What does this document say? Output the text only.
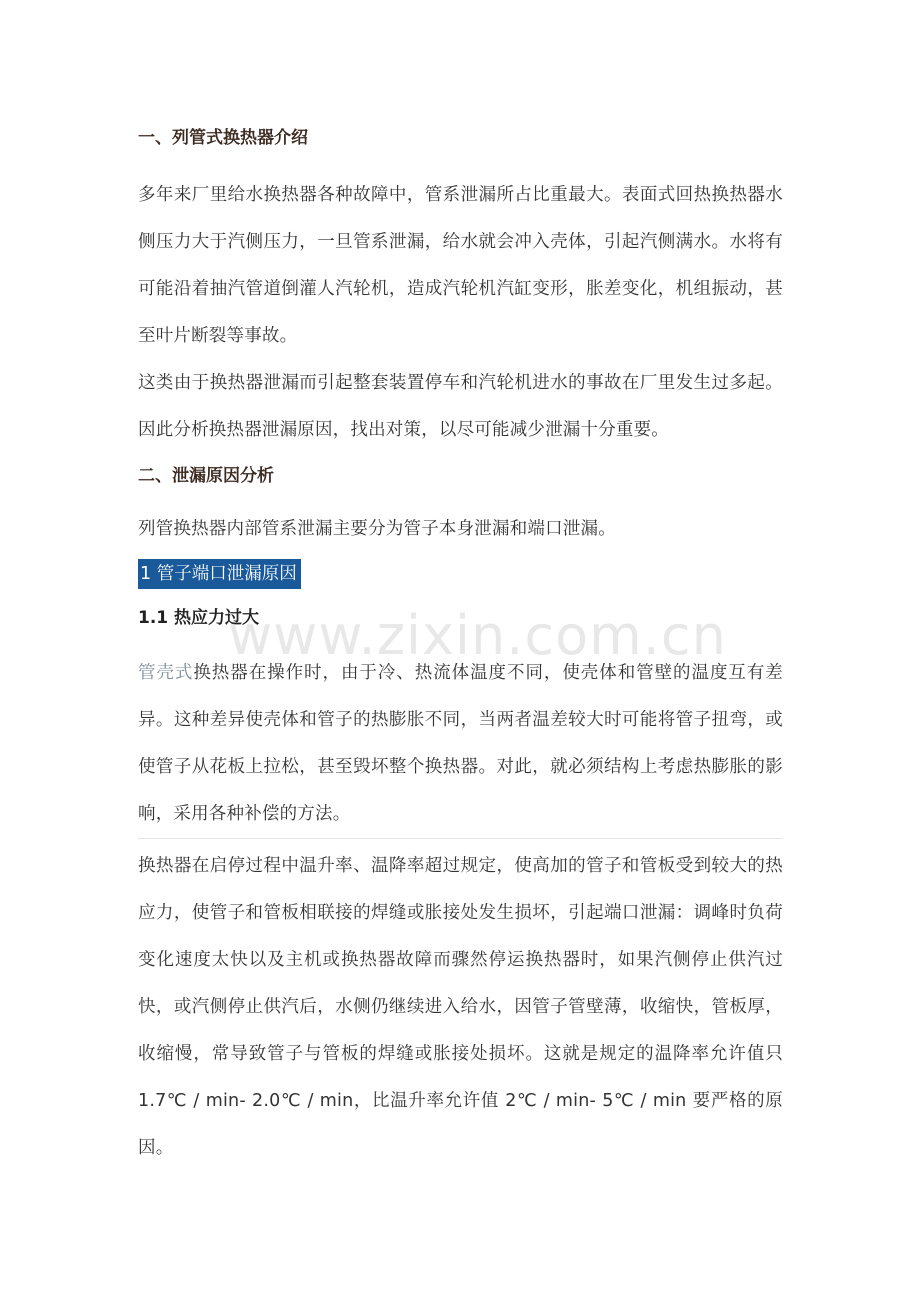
一、列管式换热器介绍

多年来厂里给水换热器各种故障中，管系泄漏所占比重最大。表面式回热换热器水侧压力大于汽侧压力，一旦管系泄漏，给水就会冲入壳体，引起汽侧满水。水将有可能沿着抽汽管道倒灌人汽轮机，造成汽轮机汽缸变形，胀差变化，机组振动，甚至叶片断裂等事故。

这类由于换热器泄漏而引起整套装置停车和汽轮机进水的事故在厂里发生过多起。因此分析换热器泄漏原因，找出对策，以尽可能减少泄漏十分重要。

二、泄漏原因分析

列管换热器内部管系泄漏主要分为管子本身泄漏和端口泄漏。

1 管子端口泄漏原因
1.1 热应力过大

管壳式换热器在操作时，由于冷、热流体温度不同，使壳体和管壁的温度互有差异。这种差异使壳体和管子的热膨胀不同，当两者温差较大时可能将管子扭弯，或使管子从花板上拉松，甚至毁坏整个换热器。对此，就必须结构上考虑热膨胀的影响，采用各种补偿的方法。

换热器在启停过程中温升率、温降率超过规定，使高加的管子和管板受到较大的热应力，使管子和管板相联接的焊缝或胀接处发生损坏，引起端口泄漏：调峰时负荷变化速度太快以及主机或换热器故障而骤然停运换热器时，如果汽侧停止供汽过快，或汽侧停止供汽后，水侧仍继续进入给水，因管子管壁薄，收缩快，管板厚，收缩慢，常导致管子与管板的焊缝或胀接处损坏。这就是规定的温降率允许值只 1.7℃ / min- 2.0℃ / min，比温升率允许值 2℃ / min- 5℃ / min 要严格的原因。

www.zixin.com.cn
